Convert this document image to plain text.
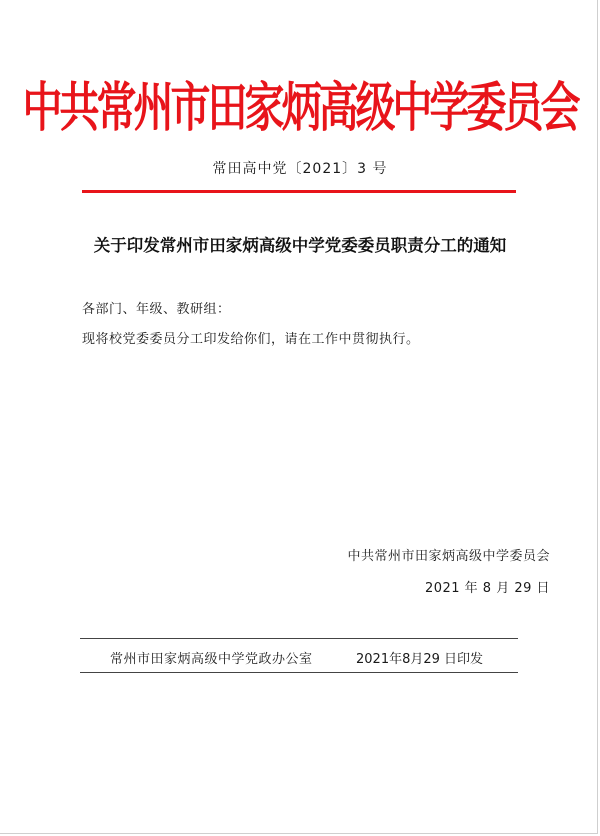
中共常州市田家炳高级中学委员会
常田高中党〔2021〕3 号
关于印发常州市田家炳高级中学党委委员职责分工的通知
各部门、年级、教研组：
现将校党委委员分工印发给你们，请在工作中贯彻执行。
中共常州市田家炳高级中学委员会
2021 年 8 月 29 日
常州市田家炳高级中学党政办公室	2021年8月29 日印发
